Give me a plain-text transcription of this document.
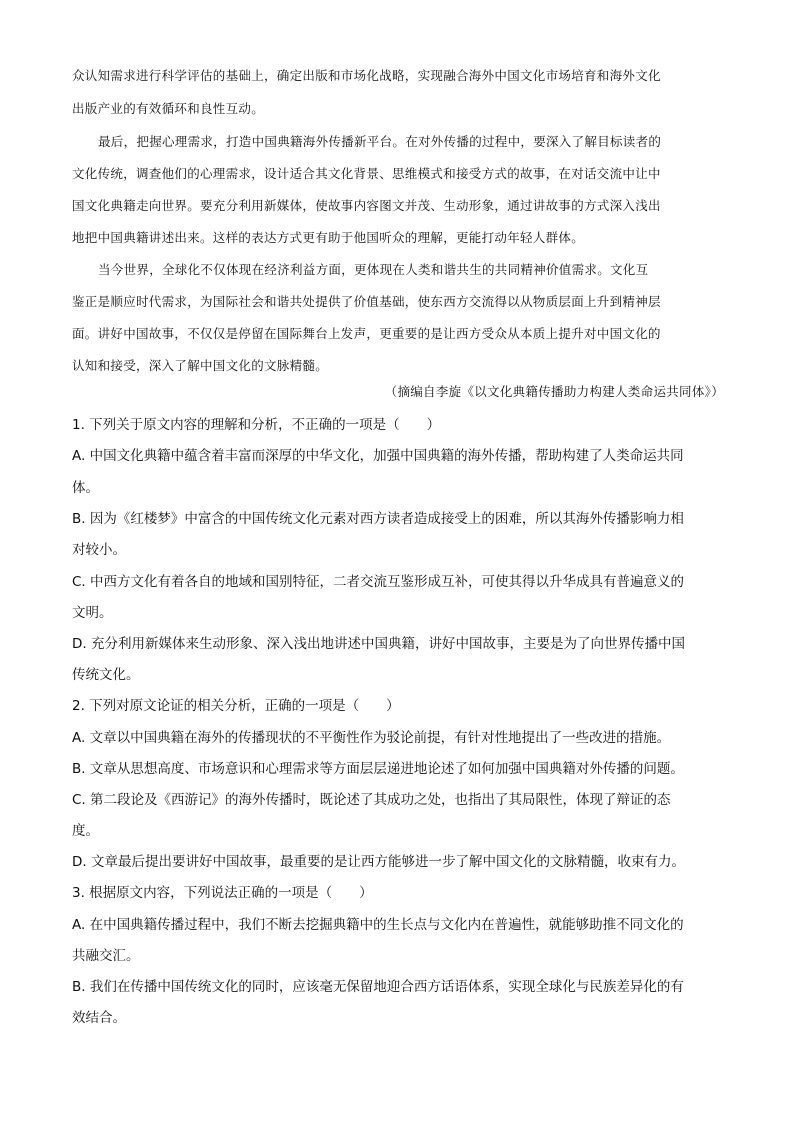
众认知需求进行科学评估的基础上，确定出版和市场化战略，实现融合海外中国文化市场培育和海外文化
出版产业的有效循环和良性互动。
最后，把握心理需求，打造中国典籍海外传播新平台。在对外传播的过程中，要深入了解目标读者的
文化传统，调查他们的心理需求，设计适合其文化背景、思维模式和接受方式的故事，在对话交流中让中
国文化典籍走向世界。要充分利用新媒体，使故事内容图文并茂、生动形象，通过讲故事的方式深入浅出
地把中国典籍讲述出来。这样的表达方式更有助于他国听众的理解，更能打动年轻人群体。
当今世界，全球化不仅体现在经济利益方面，更体现在人类和谐共生的共同精神价值需求。文化互
鉴正是顺应时代需求，为国际社会和谐共处提供了价值基础，使东西方交流得以从物质层面上升到精神层
面。讲好中国故事，不仅仅是停留在国际舞台上发声，更重要的是让西方受众从本质上提升对中国文化的
认知和接受，深入了解中国文化的文脉精髓。
（摘编自李旋《以文化典籍传播助力构建人类命运共同体》）
1. 下列关于原文内容的理解和分析，不正确的一项是（　　）
A. 中国文化典籍中蕴含着丰富而深厚的中华文化，加强中国典籍的海外传播，帮助构建了人类命运共同
体。
B. 因为《红楼梦》中富含的中国传统文化元素对西方读者造成接受上的困难，所以其海外传播影响力相
对较小。
C. 中西方文化有着各自的地域和国别特征，二者交流互鉴形成互补，可使其得以升华成具有普遍意义的
文明。
D. 充分利用新媒体来生动形象、深入浅出地讲述中国典籍，讲好中国故事，主要是为了向世界传播中国
传统文化。
2. 下列对原文论证的相关分析，正确的一项是（　　）
A. 文章以中国典籍在海外的传播现状的不平衡性作为驳论前提，有针对性地提出了一些改进的措施。
B. 文章从思想高度、市场意识和心理需求等方面层层递进地论述了如何加强中国典籍对外传播的问题。
C. 第二段论及《西游记》的海外传播时，既论述了其成功之处，也指出了其局限性，体现了辩证的态
度。
D. 文章最后提出要讲好中国故事，最重要的是让西方能够进一步了解中国文化的文脉精髓，收束有力。
3. 根据原文内容，下列说法正确的一项是（　　）
A. 在中国典籍传播过程中，我们不断去挖掘典籍中的生长点与文化内在普遍性，就能够助推不同文化的
共融交汇。
B. 我们在传播中国传统文化的同时，应该毫无保留地迎合西方话语体系，实现全球化与民族差异化的有
效结合。
